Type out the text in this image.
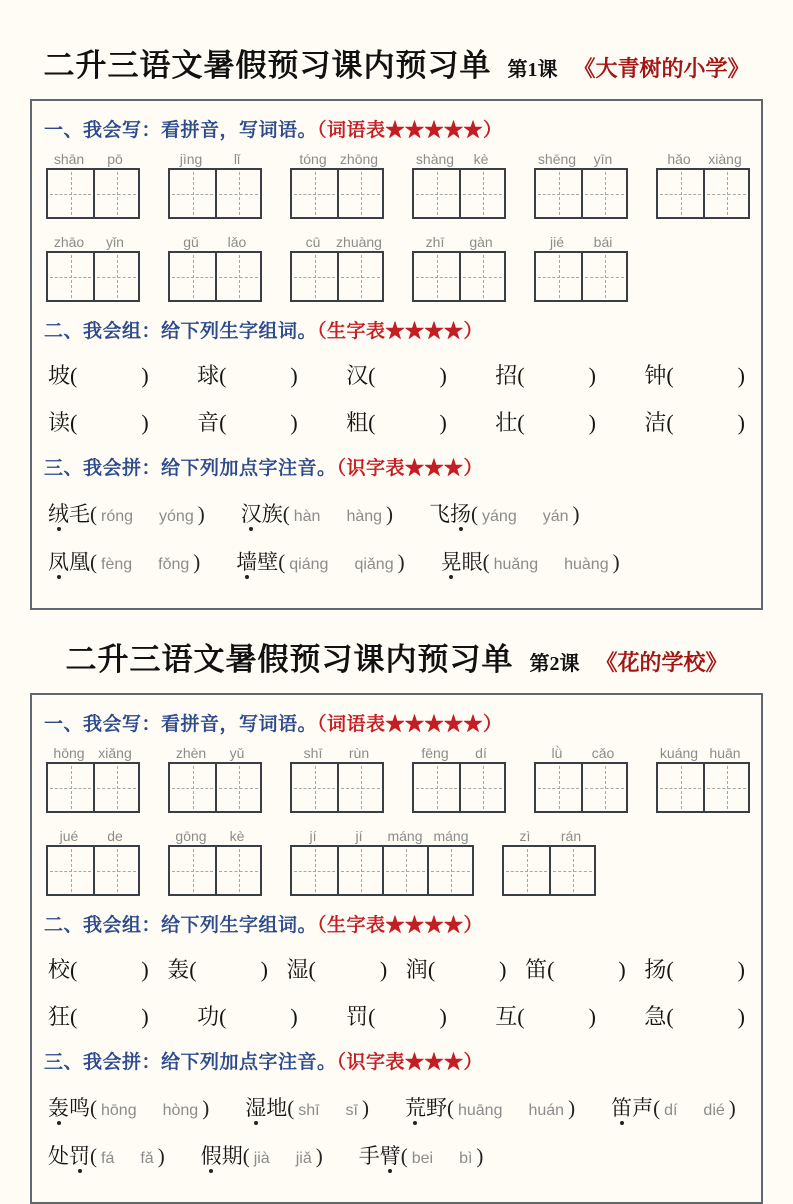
二升三语文暑假预习课内预习单 第1课 《大青树的小学》
一、我会写：看拼音，写词语。（词语表★★★★★）
shān	pō	jìng	lǐ	tóng zhōng	shàng	kè	shēng	yīn	hǎo	xiàng
zhāo	yǐn	gǔ	lǎo	cū	zhuàng	zhī	gàn	jié	bái
二、我会组：给下列生字组词。（生字表★★★★）
坡 (	) 球 (	) 汉 (	) 招 (	) 钟 (	)
读 (	) 音 (	) 粗 (	) 壮 (	) 洁 (	)
三、我会拼：给下列加点字注音。（识字表★★★）
绒毛 ( róng yóng ) 汉族 ( hàn hàng ) 飞扬 ( yáng yán )
凤凰 ( fèng fǒng ) 墙壁 ( qiáng qiǎng ) 晃眼 ( huǎng huàng )
二升三语文暑假预习课内预习单 第2课 《花的学校》
一、我会写：看拼音，写词语。（词语表★★★★★）
hōng xiǎng	zhèn	yǔ	shī	rùn	fēng	dí	lǜ	cǎo	kuáng huān
jué	de	gōng	kè	jí	jí	máng máng	zì	rán
二、我会组：给下列生字组词。（生字表★★★★）
校 (	) 轰 (	) 湿 (	) 润 (	) 笛 (	) 扬 (	)
狂 (	) 功 (	) 罚 (	) 互 (	) 急 (	)
三、我会拼：给下列加点字注音。（识字表★★★）
轰鸣 ( hōng hòng ) 湿地 ( shī sī ) 荒野 ( huāng huán ) 笛声 ( dí dié )
处罚 ( fá fǎ ) 假期 ( jià jiǎ ) 手臂 ( bei bì )
